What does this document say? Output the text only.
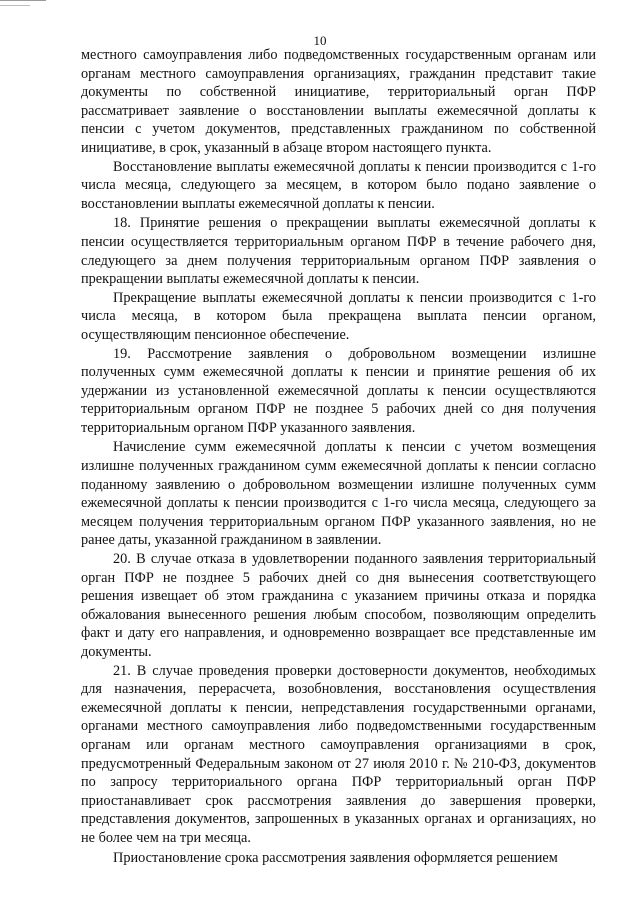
10

местного самоуправления либо подведомственных государственным органам или органам местного самоуправления организациях, гражданин представит такие документы по собственной инициативе, территориальный орган ПФР рассматривает заявление о восстановлении выплаты ежемесячной доплаты к пенсии с учетом документов, представленных гражданином по собственной инициативе, в срок, указанный в абзаце втором настоящего пункта.

Восстановление выплаты ежемесячной доплаты к пенсии производится с 1-го числа месяца, следующего за месяцем, в котором было подано заявление о восстановлении выплаты ежемесячной доплаты к пенсии.

18. Принятие решения о прекращении выплаты ежемесячной доплаты к пенсии осуществляется территориальным органом ПФР в течение рабочего дня, следующего за днем получения территориальным органом ПФР заявления о прекращении выплаты ежемесячной доплаты к пенсии.

Прекращение выплаты ежемесячной доплаты к пенсии производится с 1-го числа месяца, в котором была прекращена выплата пенсии органом, осуществляющим пенсионное обеспечение.

19. Рассмотрение заявления о добровольном возмещении излишне полученных сумм ежемесячной доплаты к пенсии и принятие решения об их удержании из установленной ежемесячной доплаты к пенсии осуществляются территориальным органом ПФР не позднее 5 рабочих дней со дня получения территориальным органом ПФР указанного заявления.

Начисление сумм ежемесячной доплаты к пенсии с учетом возмещения излишне полученных гражданином сумм ежемесячной доплаты к пенсии согласно поданному заявлению о добровольном возмещении излишне полученных сумм ежемесячной доплаты к пенсии производится с 1-го числа месяца, следующего за месяцем получения территориальным органом ПФР указанного заявления, но не ранее даты, указанной гражданином в заявлении.

20. В случае отказа в удовлетворении поданного заявления территориальный орган ПФР не позднее 5 рабочих дней со дня вынесения соответствующего решения извещает об этом гражданина с указанием причины отказа и порядка обжалования вынесенного решения любым способом, позволяющим определить факт и дату его направления, и одновременно возвращает все представленные им документы.

21. В случае проведения проверки достоверности документов, необходимых для назначения, перерасчета, возобновления, восстановления осуществления ежемесячной доплаты к пенсии, непредставления государственными органами, органами местного самоуправления либо подведомственными государственным органам или органам местного самоуправления организациями в срок, предусмотренный Федеральным законом от 27 июля 2010 г. № 210-ФЗ, документов по запросу территориального органа ПФР территориальный орган ПФР приостанавливает срок рассмотрения заявления до завершения проверки, представления документов, запрошенных в указанных органах и организациях, но не более чем на три месяца.

Приостановление срока рассмотрения заявления оформляется решением
